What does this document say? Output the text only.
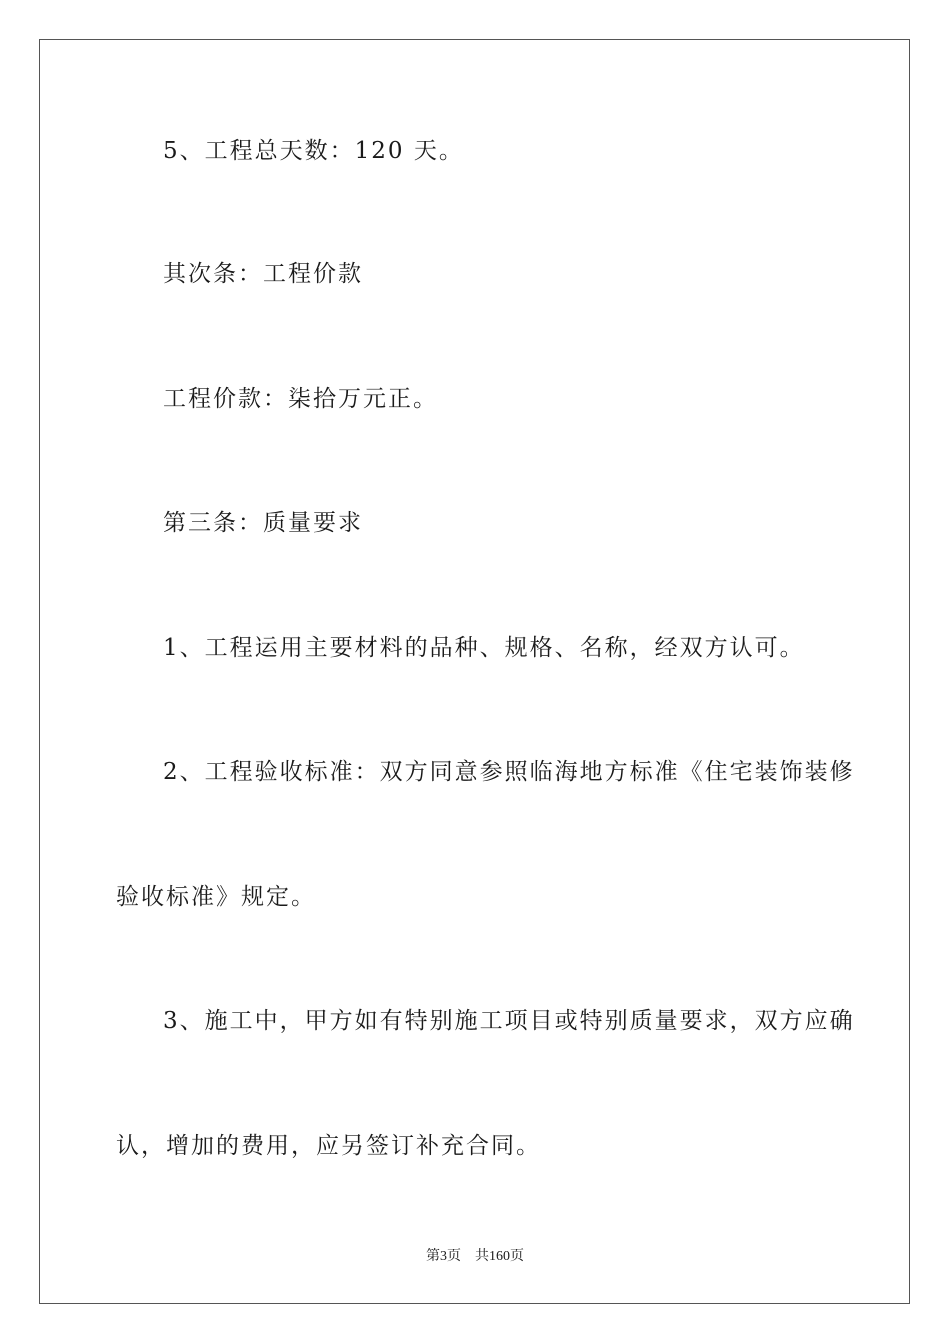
5、工程总天数：120 天。
其次条：工程价款
工程价款：柒拾万元正。
第三条：质量要求
1、工程运用主要材料的品种、规格、名称，经双方认可。
2、工程验收标准：双方同意参照临海地方标准《住宅装饰装修
验收标准》规定。
3、施工中，甲方如有特别施工项目或特别质量要求，双方应确
认，增加的费用，应另签订补充合同。
第3页 共160页
